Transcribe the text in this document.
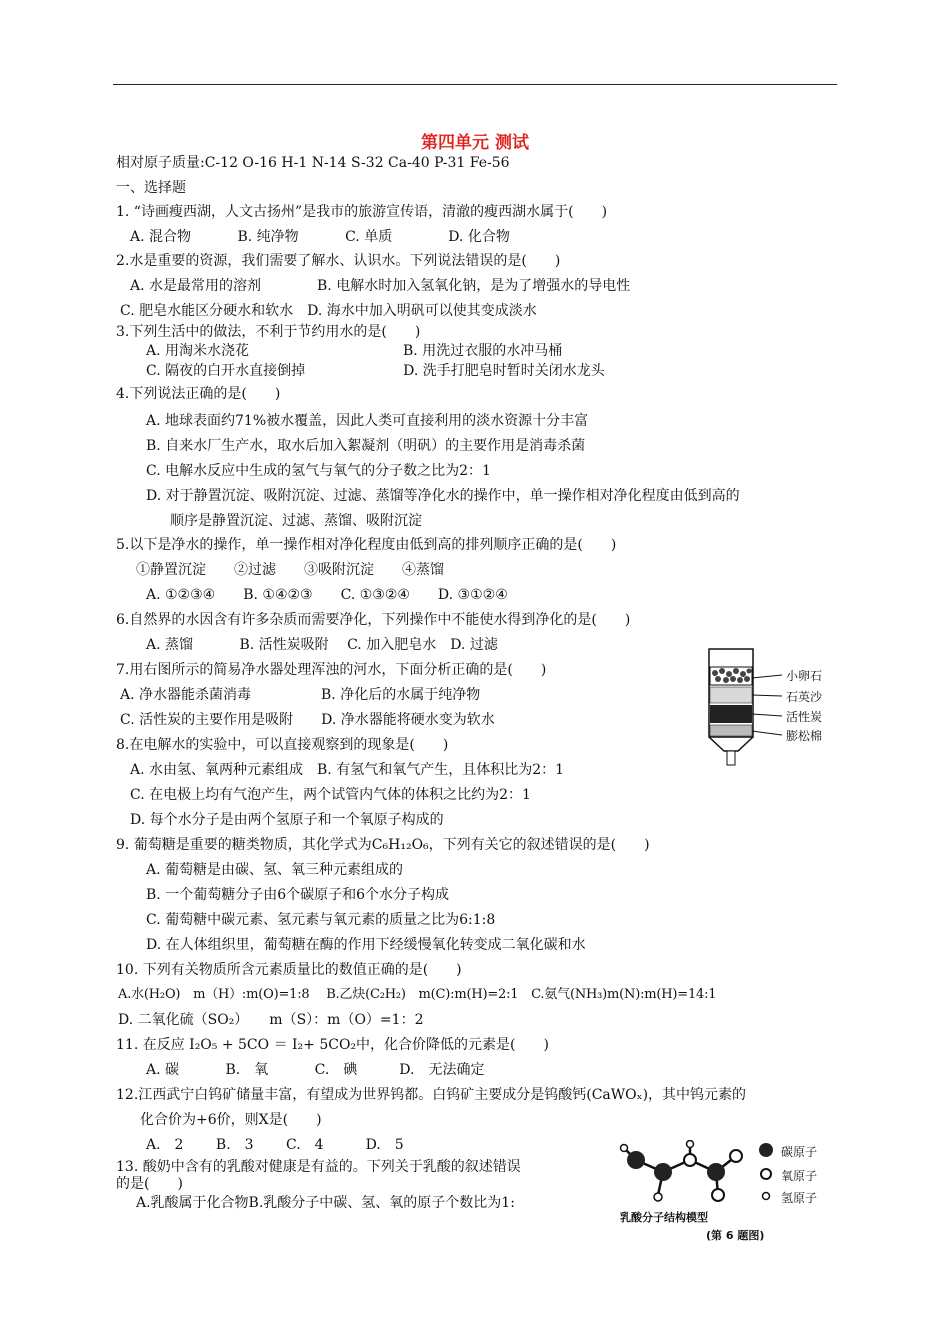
第四单元 测试
相对原子质量:C-12 O-16 H-1 N-14 S-32 Ca-40 P-31 Fe-56
一、选择题
1. “诗画瘦西湖，人文古扬州”是我市的旅游宣传语，清澈的瘦西湖水属于(　　)
A. 混合物　　　 B. 纯净物　　　 C. 单质　　　　D. 化合物
2.水是重要的资源，我们需要了解水、认识水。下列说法错误的是(　　)
A. 水是最常用的溶剂　　　　B. 电解水时加入氢氧化钠，是为了增强水的导电性
C. 肥皂水能区分硬水和软水　D. 海水中加入明矾可以使其变成淡水
3.下列生活中的做法，不利于节约用水的是(　　)
A. 用淘米水浇花　　　　　　　　　　　B. 用洗过衣服的水冲马桶
C. 隔夜的白开水直接倒掉　　　　　　　D. 洗手打肥皂时暂时关闭水龙头
4.下列说法正确的是(　　)
A. 地球表面约71%被水覆盖，因此人类可直接利用的淡水资源十分丰富
B. 自来水厂生产水，取水后加入絮凝剂（明矾）的主要作用是消毒杀菌
C. 电解水反应中生成的氢气与氧气的分子数之比为2：1
D. 对于静置沉淀、吸附沉淀、过滤、蒸馏等净化水的操作中，单一操作相对净化程度由低到高的
顺序是静置沉淀、过滤、蒸馏、吸附沉淀
5.以下是净水的操作，单一操作相对净化程度由低到高的排列顺序正确的是(　　)
①静置沉淀　　②过滤　　③吸附沉淀　　④蒸馏
A. ①②③④　　B. ①④②③　　C. ①③②④　　D. ③①②④
6.自然界的水因含有许多杂质而需要净化，下列操作中不能使水得到净化的是(　　)
A. 蒸馏　　　 B. 活性炭吸附　 C. 加入肥皂水　D. 过滤
7.用右图所示的简易净水器处理浑浊的河水，下面分析正确的是(　　)
A. 净水器能杀菌消毒　　　　　B. 净化后的水属于纯净物
C. 活性炭的主要作用是吸附　　D. 净水器能将硬水变为软水
8.在电解水的实验中，可以直接观察到的现象是(　　)
A. 水由氢、氧两种元素组成　B. 有氢气和氧气产生，且体积比为2：1
C. 在电极上均有气泡产生，两个试管内气体的体积之比约为2：1
D. 每个水分子是由两个氢原子和一个氧原子构成的
9. 葡萄糖是重要的糖类物质，其化学式为C₆H₁₂O₆，下列有关它的叙述错误的是(　　)
A. 葡萄糖是由碳、氢、氧三种元素组成的
B. 一个葡萄糖分子由6个碳原子和6个水分子构成
C. 葡萄糖中碳元素、氢元素与氧元素的质量之比为6:1:8
D. 在人体组织里，葡萄糖在酶的作用下经缓慢氧化转变成二氧化碳和水
10. 下列有关物质所含元素质量比的数值正确的是(　　)
A.水(H₂O)　m（H）:m(O)=1:8　 B.乙炔(C₂H₂)　m(C):m(H)=2:1　C.氨气(NH₃)m(N):m(H)=14:1
D. 二氧化硫（SO₂）　　m（S）：m（O）=1：2
11. 在反应 I₂O₅ + 5CO ＝ I₂+ 5CO₂中，化合价降低的元素是(　　)
A. 碳　　　 B.　氧　　　 C.　碘　　　D.　无法确定
12.江西武宁白钨矿储量丰富，有望成为世界钨都。白钨矿主要成分是钨酸钙(CaWOₓ)，其中钨元素的
化合价为+6价，则X是(　　)
A.　2　　 B.　3　　 C.　4　　　D.　5
13. 酸奶中含有的乳酸对健康是有益的。下列关于乳酸的叙述错误
的是(　　)
A.乳酸属于化合物B.乳酸分子中碳、氢、氧的原子个数比为1:
小卵石
石英沙
活性炭
膨松棉
碳原子
氧原子
氢原子
乳酸分子结构模型
(第 6 题图)
